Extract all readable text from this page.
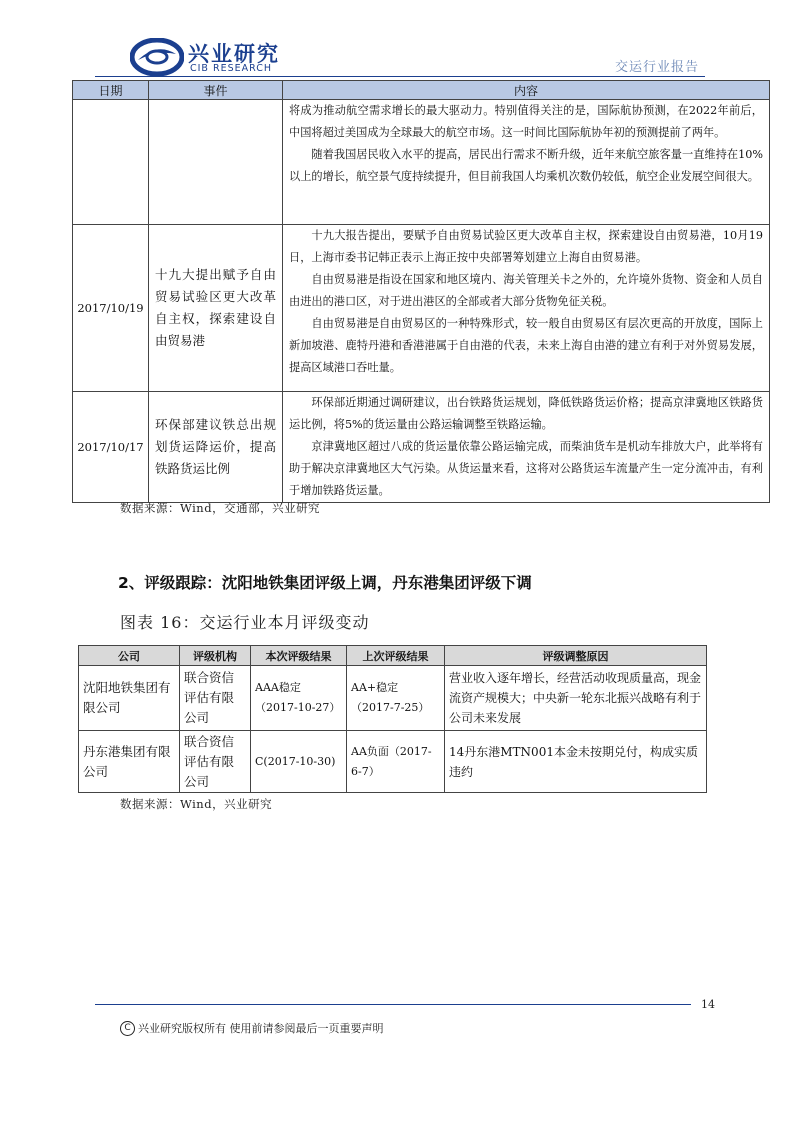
兴业研究
CIB RESEARCH	交运行业报告
日期	事件	内容

		将成为推动航空需求增长的最大驱动力。特别值得关注的是，国际航协预测，在2022年前后，中国将超过美国成为全球最大的航空市场。这一时间比国际航协年初的预测提前了两年。

随着我国居民收入水平的提高，居民出行需求不断升级，近年来航空旅客量一直维持在10%以上的增长，航空景气度持续提升，但目前我国人均乘机次数仍较低，航空企业发展空间很大。

2017/10/19	十九大提出赋予自由贸易试验区更大改革自主权，探索建设自由贸易港	十九大报告提出，要赋予自由贸易试验区更大改革自主权，探索建设自由贸易港，10月19日，上海市委书记韩正表示上海正按中央部署筹划建立上海自由贸易港。

自由贸易港是指设在国家和地区境内、海关管理关卡之外的，允许境外货物、资金和人员自由进出的港口区，对于进出港区的全部或者大部分货物免征关税。

自由贸易港是自由贸易区的一种特殊形式，较一般自由贸易区有层次更高的开放度，国际上新加坡港、鹿特丹港和香港港属于自由港的代表，未来上海自由港的建立有利于对外贸易发展，提高区域港口吞吐量。

2017/10/17	环保部建议铁总出规划货运降运价，提高铁路货运比例	环保部近期通过调研建议，出台铁路货运规划，降低铁路货运价格；提高京津冀地区铁路货运比例，将5%的货运量由公路运输调整至铁路运输。

京津冀地区超过八成的货运量依靠公路运输完成，而柴油货车是机动车排放大户，此举将有助于解决京津冀地区大气污染。从货运量来看，这将对公路货运车流量产生一定分流冲击，有利于增加铁路货运量。

数据来源：Wind，交通部，兴业研究
2、评级跟踪：沈阳地铁集团评级上调，丹东港集团评级下调
图表 16：交运行业本月评级变动
公司	评级机构	本次评级结果	上次评级结果	评级调整原因
沈阳地铁集团有限公司	联合资信评估有限公司	AAA稳定（2017-10-27）	AA+稳定（2017-7-25）	营业收入逐年增长，经营活动收现质量高，现金流资产规模大；中央新一轮东北振兴战略有利于公司未来发展
丹东港集团有限公司	联合资信评估有限公司	C(2017-10-30)	AA负面（2017-6-7）	14丹东港MTN001本金未按期兑付，构成实质违约
数据来源：Wind，兴业研究
14
C 兴业研究版权所有 使用前请参阅最后一页重要声明
